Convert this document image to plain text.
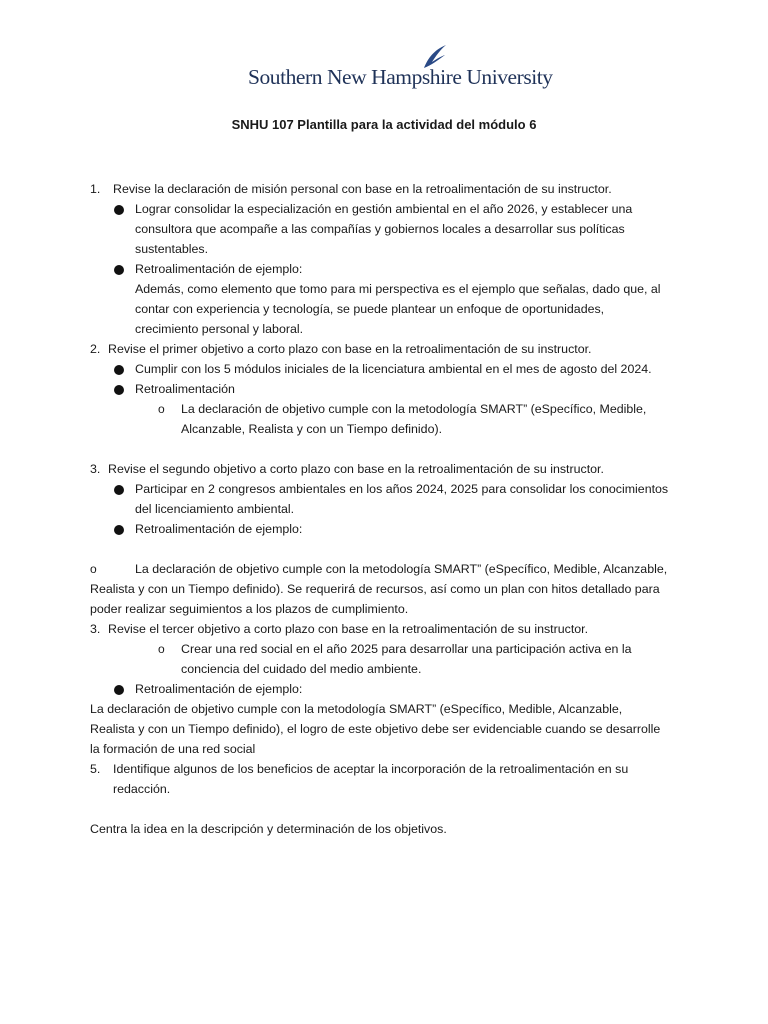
Southern New Hampshire University
SNHU 107 Plantilla para la actividad del módulo 6
1. Revise la declaración de misión personal con base en la retroalimentación de su instructor.
Lograr consolidar la especialización en gestión ambiental en el año 2026, y establecer una
consultora que acompañe a las compañías y gobiernos locales a desarrollar sus políticas
sustentables.
Retroalimentación de ejemplo:
Además, como elemento que tomo para mi perspectiva es el ejemplo que señalas, dado que, al
contar con experiencia y tecnología, se puede plantear un enfoque de oportunidades,
crecimiento personal y laboral.
2. Revise el primer objetivo a corto plazo con base en la retroalimentación de su instructor.
Cumplir con los 5 módulos iniciales de la licenciatura ambiental en el mes de agosto del 2024.
Retroalimentación
o La declaración de objetivo cumple con la metodología SMART” (eSpecífico, Medible,
Alcanzable, Realista y con un Tiempo definido).
3. Revise el segundo objetivo a corto plazo con base en la retroalimentación de su instructor.
Participar en 2 congresos ambientales en los años 2024, 2025 para consolidar los conocimientos
del licenciamiento ambiental.
Retroalimentación de ejemplo:
o	La declaración de objetivo cumple con la metodología SMART” (eSpecífico, Medible, Alcanzable,
Realista y con un Tiempo definido). Se requerirá de recursos, así como un plan con hitos detallado para
poder realizar seguimientos a los plazos de cumplimiento.
3. Revise el tercer objetivo a corto plazo con base en la retroalimentación de su instructor.
o Crear una red social en el año 2025 para desarrollar una participación activa en la
conciencia del cuidado del medio ambiente.
Retroalimentación de ejemplo:
La declaración de objetivo cumple con la metodología SMART” (eSpecífico, Medible, Alcanzable,
Realista y con un Tiempo definido), el logro de este objetivo debe ser evidenciable cuando se desarrolle
la formación de una red social
5. Identifique algunos de los beneficios de aceptar la incorporación de la retroalimentación en su
redacción.
Centra la idea en la descripción y determinación de los objetivos.
